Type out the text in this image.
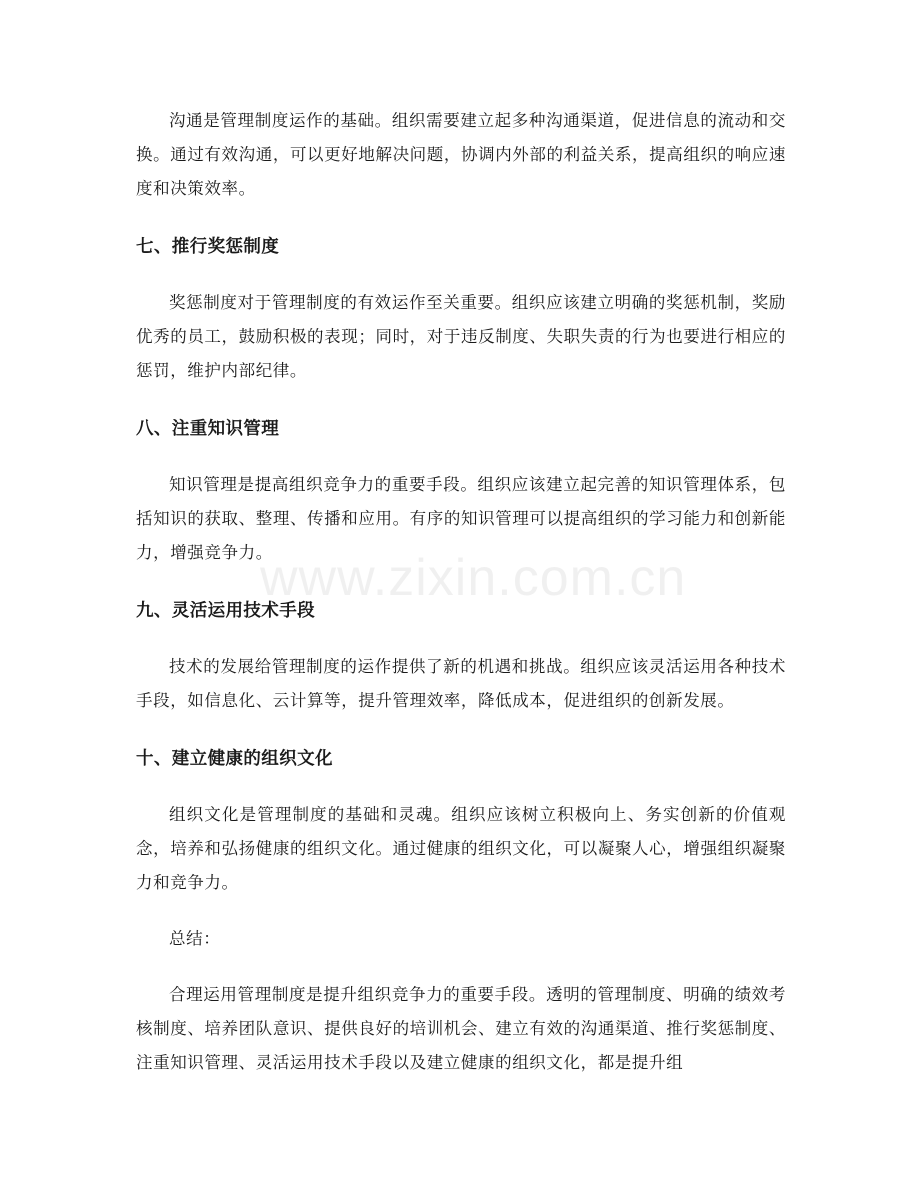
www.zixin.com.cn

沟通是管理制度运作的基础。组织需要建立起多种沟通渠道，促进信息的流动和交换。通过有效沟通，可以更好地解决问题，协调内外部的利益关系，提高组织的响应速度和决策效率。

七、推行奖惩制度

奖惩制度对于管理制度的有效运作至关重要。组织应该建立明确的奖惩机制，奖励优秀的员工，鼓励积极的表现；同时，对于违反制度、失职失责的行为也要进行相应的惩罚，维护内部纪律。

八、注重知识管理

知识管理是提高组织竞争力的重要手段。组织应该建立起完善的知识管理体系，包括知识的获取、整理、传播和应用。有序的知识管理可以提高组织的学习能力和创新能力，增强竞争力。

九、灵活运用技术手段

技术的发展给管理制度的运作提供了新的机遇和挑战。组织应该灵活运用各种技术手段，如信息化、云计算等，提升管理效率，降低成本，促进组织的创新发展。

十、建立健康的组织文化

组织文化是管理制度的基础和灵魂。组织应该树立积极向上、务实创新的价值观念，培养和弘扬健康的组织文化。通过健康的组织文化，可以凝聚人心，增强组织凝聚力和竞争力。

总结：

合理运用管理制度是提升组织竞争力的重要手段。透明的管理制度、明确的绩效考核制度、培养团队意识、提供良好的培训机会、建立有效的沟通渠道、推行奖惩制度、注重知识管理、灵活运用技术手段以及建立健康的组织文化，都是提升组
